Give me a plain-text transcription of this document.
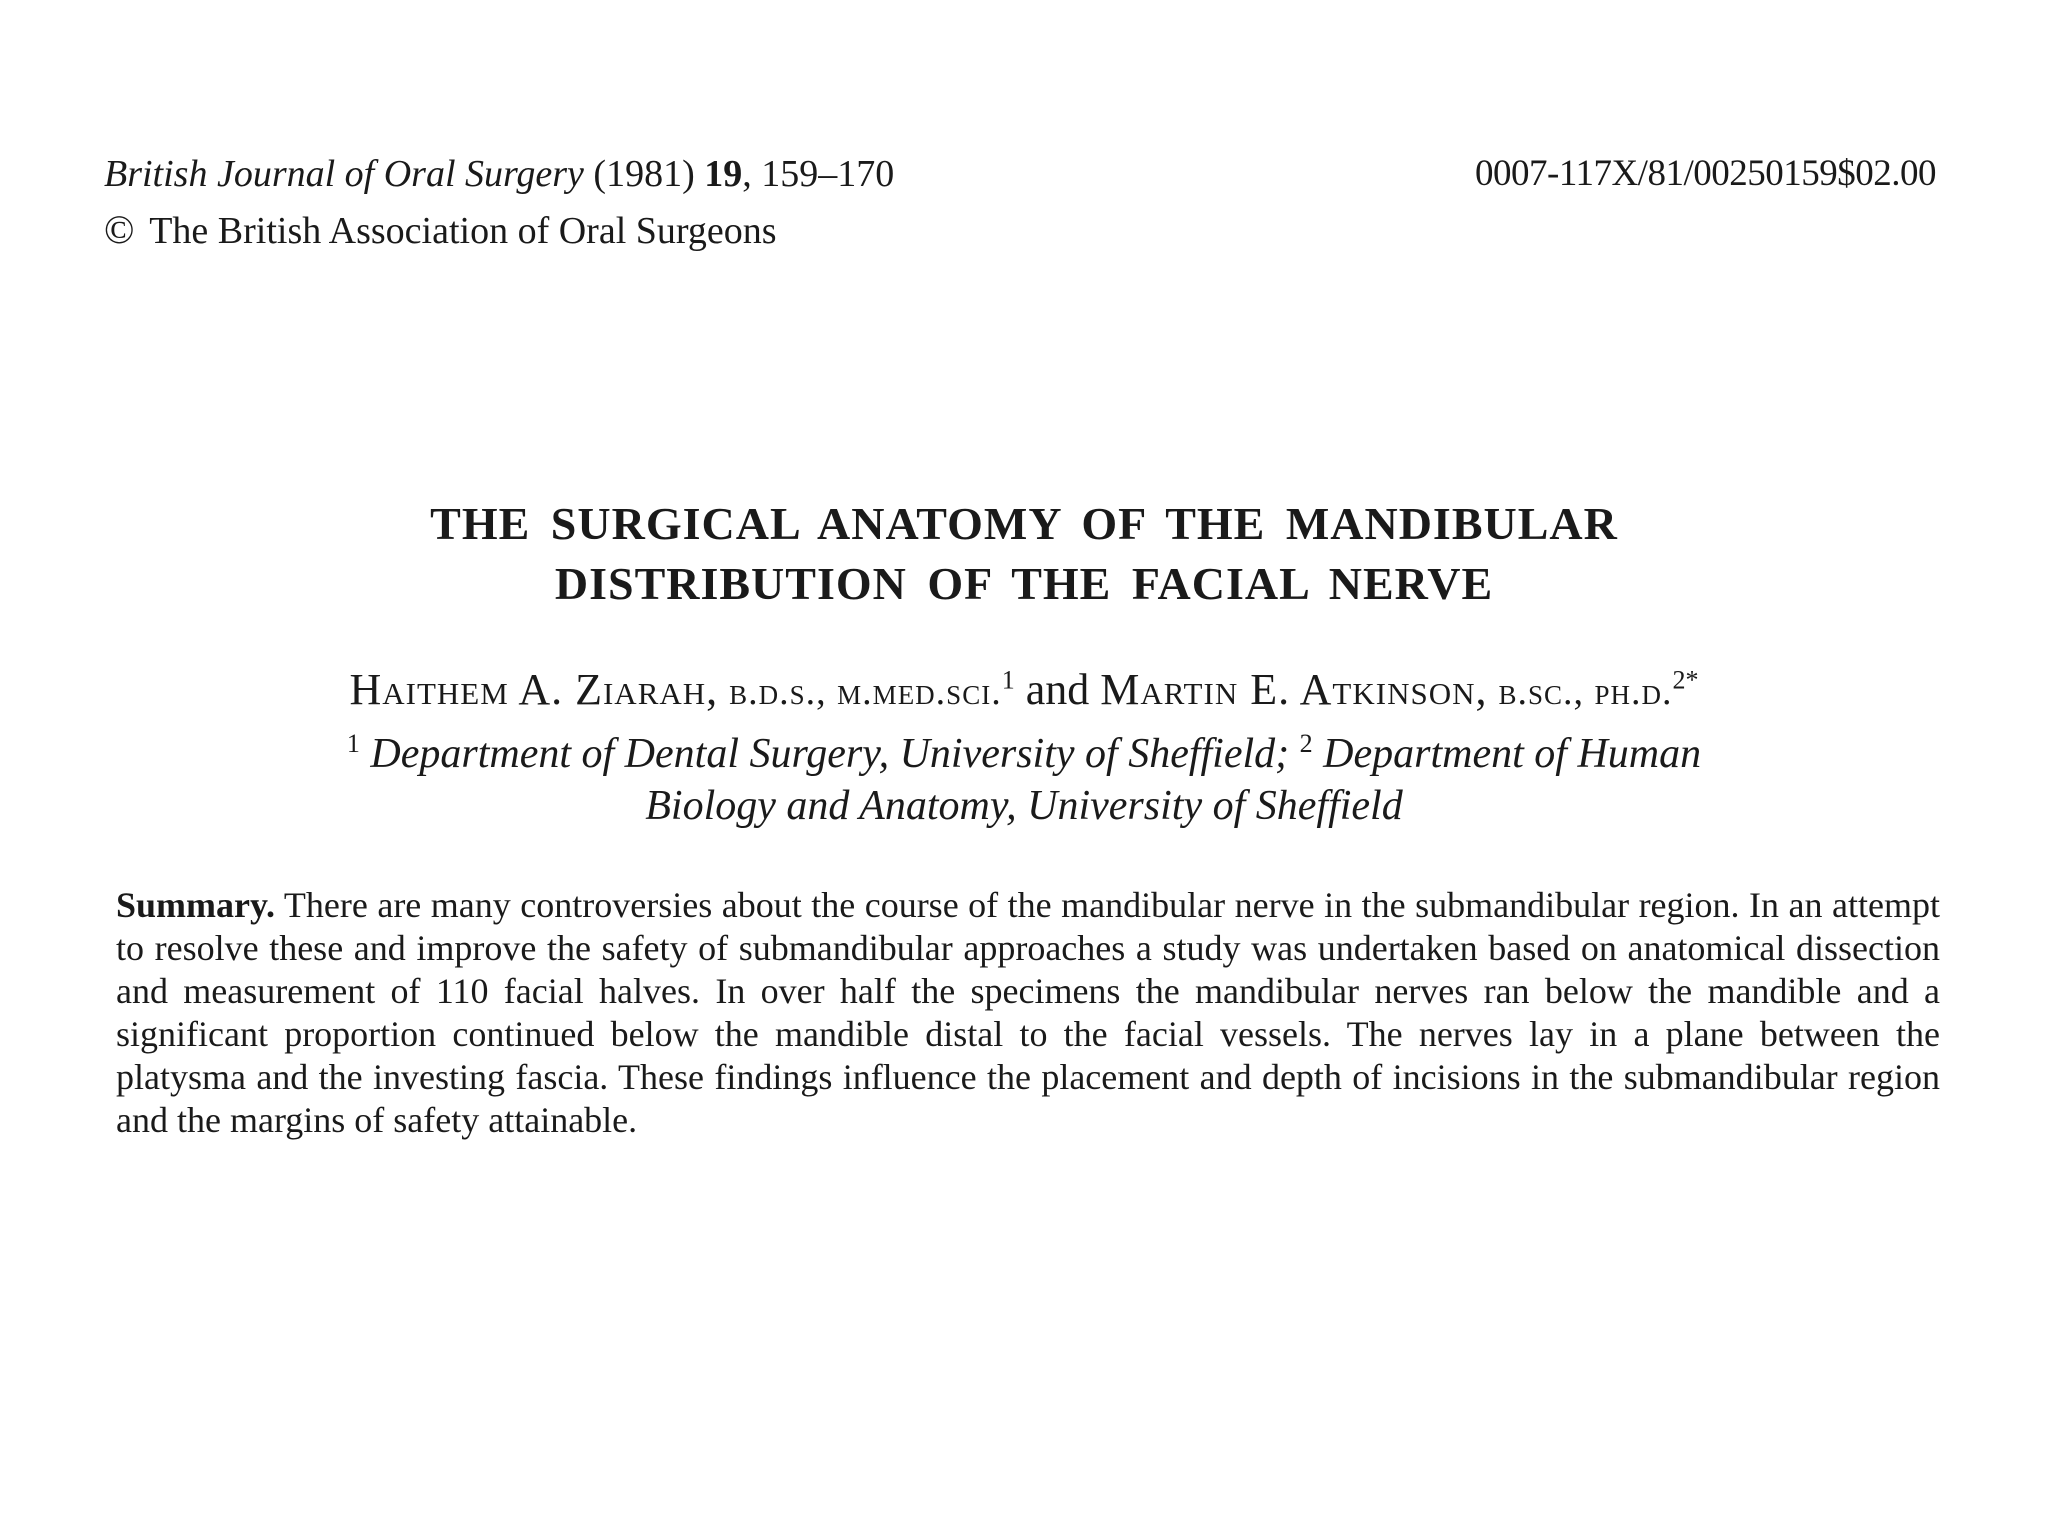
British Journal of Oral Surgery (1981) 19, 159–170
© The British Association of Oral Surgeons
0007-117X/81/00250159$02.00
THE SURGICAL ANATOMY OF THE MANDIBULAR
DISTRIBUTION OF THE FACIAL NERVE
Haithem A. Ziarah, b.d.s., m.med.sci.$^1$ and Martin E. Atkinson, b.sc., ph.d.$^{2*}$
$^1$ Department of Dental Surgery, University of Sheffield; $^2$ Department of Human
Biology and Anatomy, University of Sheffield
Summary. There are many controversies about the course of the mandibular nerve in the submandibular region. In an attempt to resolve these and improve the safety of submandibular approaches a study was undertaken based on anatomical dissection and measurement of 110 facial halves. In over half the specimens the mandibular nerves ran below the mandible and a significant proportion continued below the mandible distal to the facial vessels. The nerves lay in a plane between the platysma and the investing fascia. These findings influence the placement and depth of incisions in the submandibular region and the margins of safety attainable.
